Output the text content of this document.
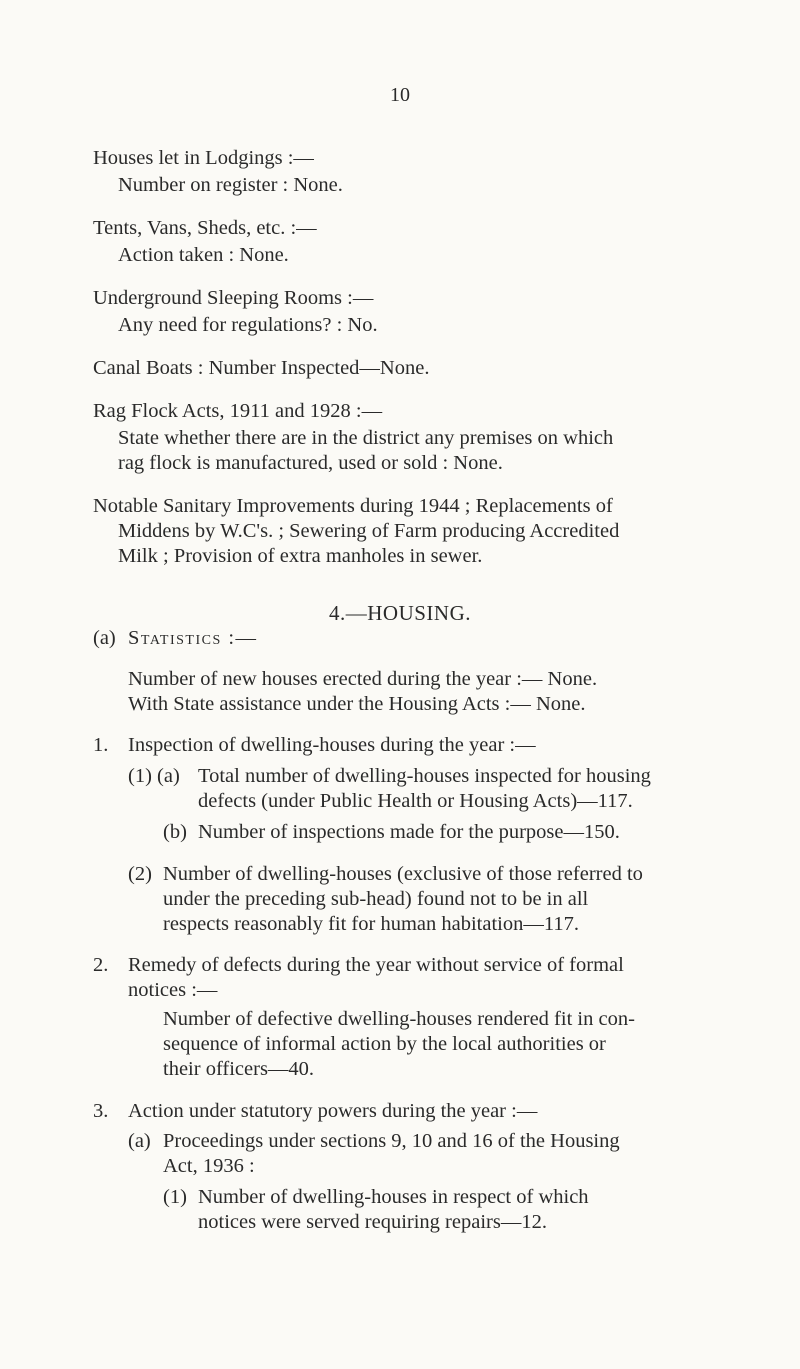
10
Houses let in Lodgings :—
Number on register : None.
Tents, Vans, Sheds, etc. :—
Action taken : None.
Underground Sleeping Rooms :—
Any need for regulations? : No.
Canal Boats : Number Inspected—None.
Rag Flock Acts, 1911 and 1928 :—
State whether there are in the district any premises on which
rag flock is manufactured, used or sold : None.
Notable Sanitary Improvements during 1944 ; Replacements of
Middens by W.C's. ; Sewering of Farm producing Accredited
Milk ; Provision of extra manholes in sewer.
4.—HOUSING.
(a) Statistics :—
Number of new houses erected during the year :— None.
With State assistance under the Housing Acts :— None.
1. Inspection of dwelling-houses during the year :—
(1) (a) Total number of dwelling-houses inspected for housing
defects (under Public Health or Housing Acts)—117.
(b) Number of inspections made for the purpose—150.
(2) Number of dwelling-houses (exclusive of those referred to
under the preceding sub-head) found not to be in all
respects reasonably fit for human habitation—117.
2. Remedy of defects during the year without service of formal
notices :—
Number of defective dwelling-houses rendered fit in con-
sequence of informal action by the local authorities or
their officers—40.
3. Action under statutory powers during the year :—
(a) Proceedings under sections 9, 10 and 16 of the Housing
Act, 1936 :
(1) Number of dwelling-houses in respect of which
notices were served requiring repairs—12.
